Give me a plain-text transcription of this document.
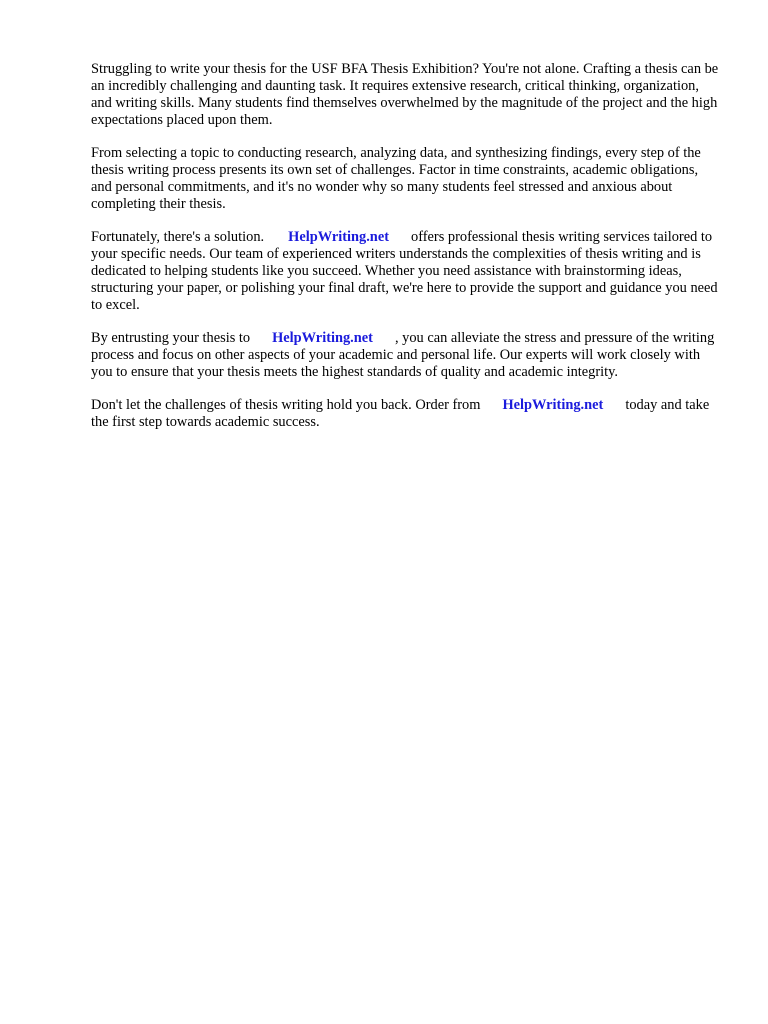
Struggling to write your thesis for the USF BFA Thesis Exhibition? You're not alone. Crafting a thesis can be an incredibly challenging and daunting task. It requires extensive research, critical thinking, organization, and writing skills. Many students find themselves overwhelmed by the magnitude of the project and the high expectations placed upon them.

From selecting a topic to conducting research, analyzing data, and synthesizing findings, every step of the thesis writing process presents its own set of challenges. Factor in time constraints, academic obligations, and personal commitments, and it's no wonder why so many students feel stressed and anxious about completing their thesis.

Fortunately, there's a solution. HelpWriting.net offers professional thesis writing services tailored to your specific needs. Our team of experienced writers understands the complexities of thesis writing and is dedicated to helping students like you succeed. Whether you need assistance with brainstorming ideas, structuring your paper, or polishing your final draft, we're here to provide the support and guidance you need to excel.

By entrusting your thesis to HelpWriting.net , you can alleviate the stress and pressure of the writing process and focus on other aspects of your academic and personal life. Our experts will work closely with you to ensure that your thesis meets the highest standards of quality and academic integrity.

Don't let the challenges of thesis writing hold you back. Order from HelpWriting.net today and take the first step towards academic success.
